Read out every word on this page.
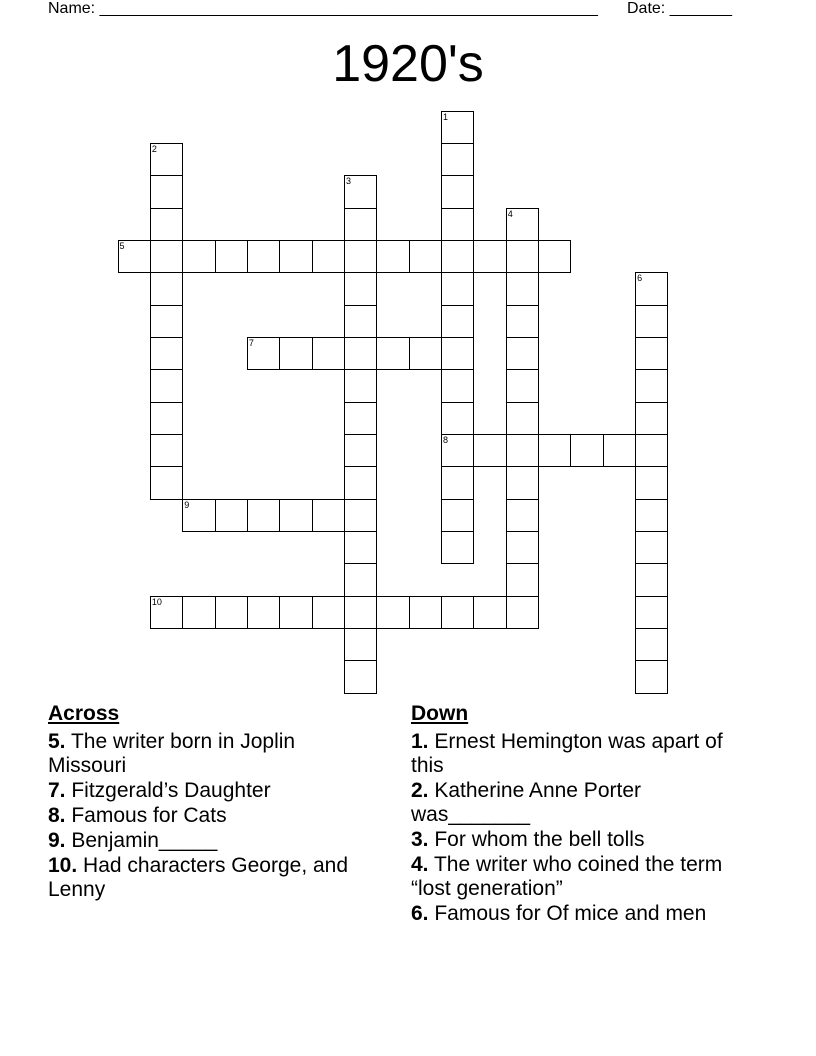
Name: ________________________________________________________ Date: _______
1920's
1
8
2
3
4
5
6
7
9
10
Across
5. The writer born in Joplin Missouri
7. Fitzgerald’s Daughter
8. Famous for Cats
9. Benjamin_____
10. Had characters George, and Lenny
Down
1. Ernest Hemington was apart of this
2. Katherine Anne Porter was_______
3. For whom the bell tolls
4. The writer who coined the term “lost generation”
6. Famous for Of mice and men
